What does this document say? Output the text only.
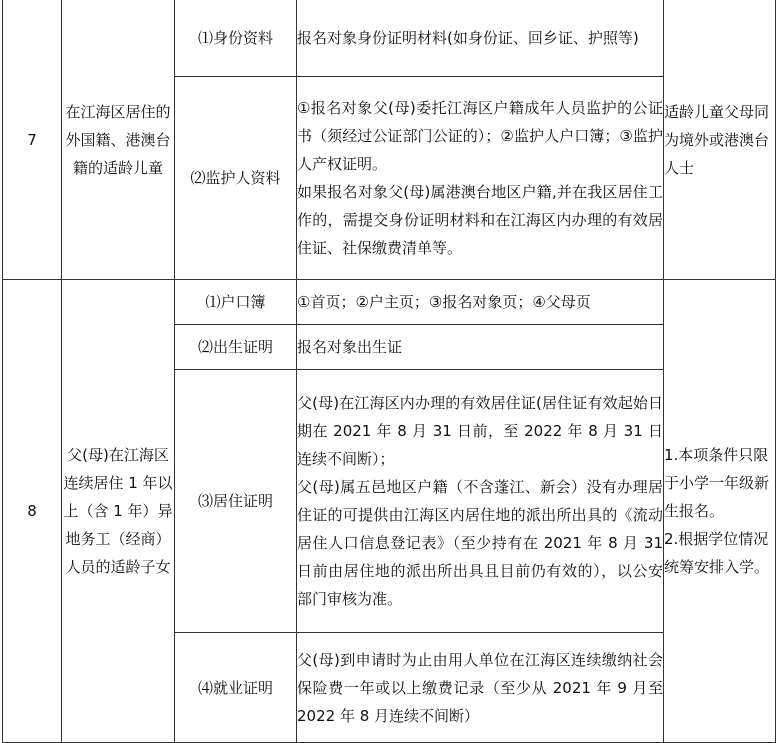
7	在江海区居住的外国籍、港澳台籍的适龄儿童	⑴身份资料	报名对象身份证明材料(如身份证、回乡证、护照等)	适龄儿童父母同为境外或港澳台人士

		⑵监护人资料	①报名对象父(母)委托江海区户籍成年人员监护的公证书（须经过公证部门公证的）；②监护人户口簿；③监护人产权证明。
如果报名对象父(母)属港澳台地区户籍,并在我区居住工作的，需提交身份证明材料和在江海区内办理的有效居住证、社保缴费清单等。	

8	父(母)在江海区连续居住 1 年以上（含 1 年）异地务工（经商）人员的适龄子女	⑴户口簿	①首页；②户主页；③报名对象页；④父母页	1.本项条件只限于小学一年级新生报名。
2.根据学位情况统筹安排入学。

		⑵出生证明	报名对象出生证	

		⑶居住证明	父(母)在江海区内办理的有效居住证(居住证有效起始日期在 2021 年 8 月 31 日前，至 2022 年 8 月 31 日连续不间断）；
父(母)属五邑地区户籍（不含蓬江、新会）没有办理居住证的可提供由江海区内居住地的派出所出具的《流动居住人口信息登记表》（至少持有在 2021 年 8 月 31 日前由居住地的派出所出具且目前仍有效的），以公安部门审核为准。	

		⑷就业证明	父(母)到申请时为止由用人单位在江海区连续缴纳社会保险费一年或以上缴费记录（至少从 2021 年 9 月至 2022 年 8 月连续不间断）	
